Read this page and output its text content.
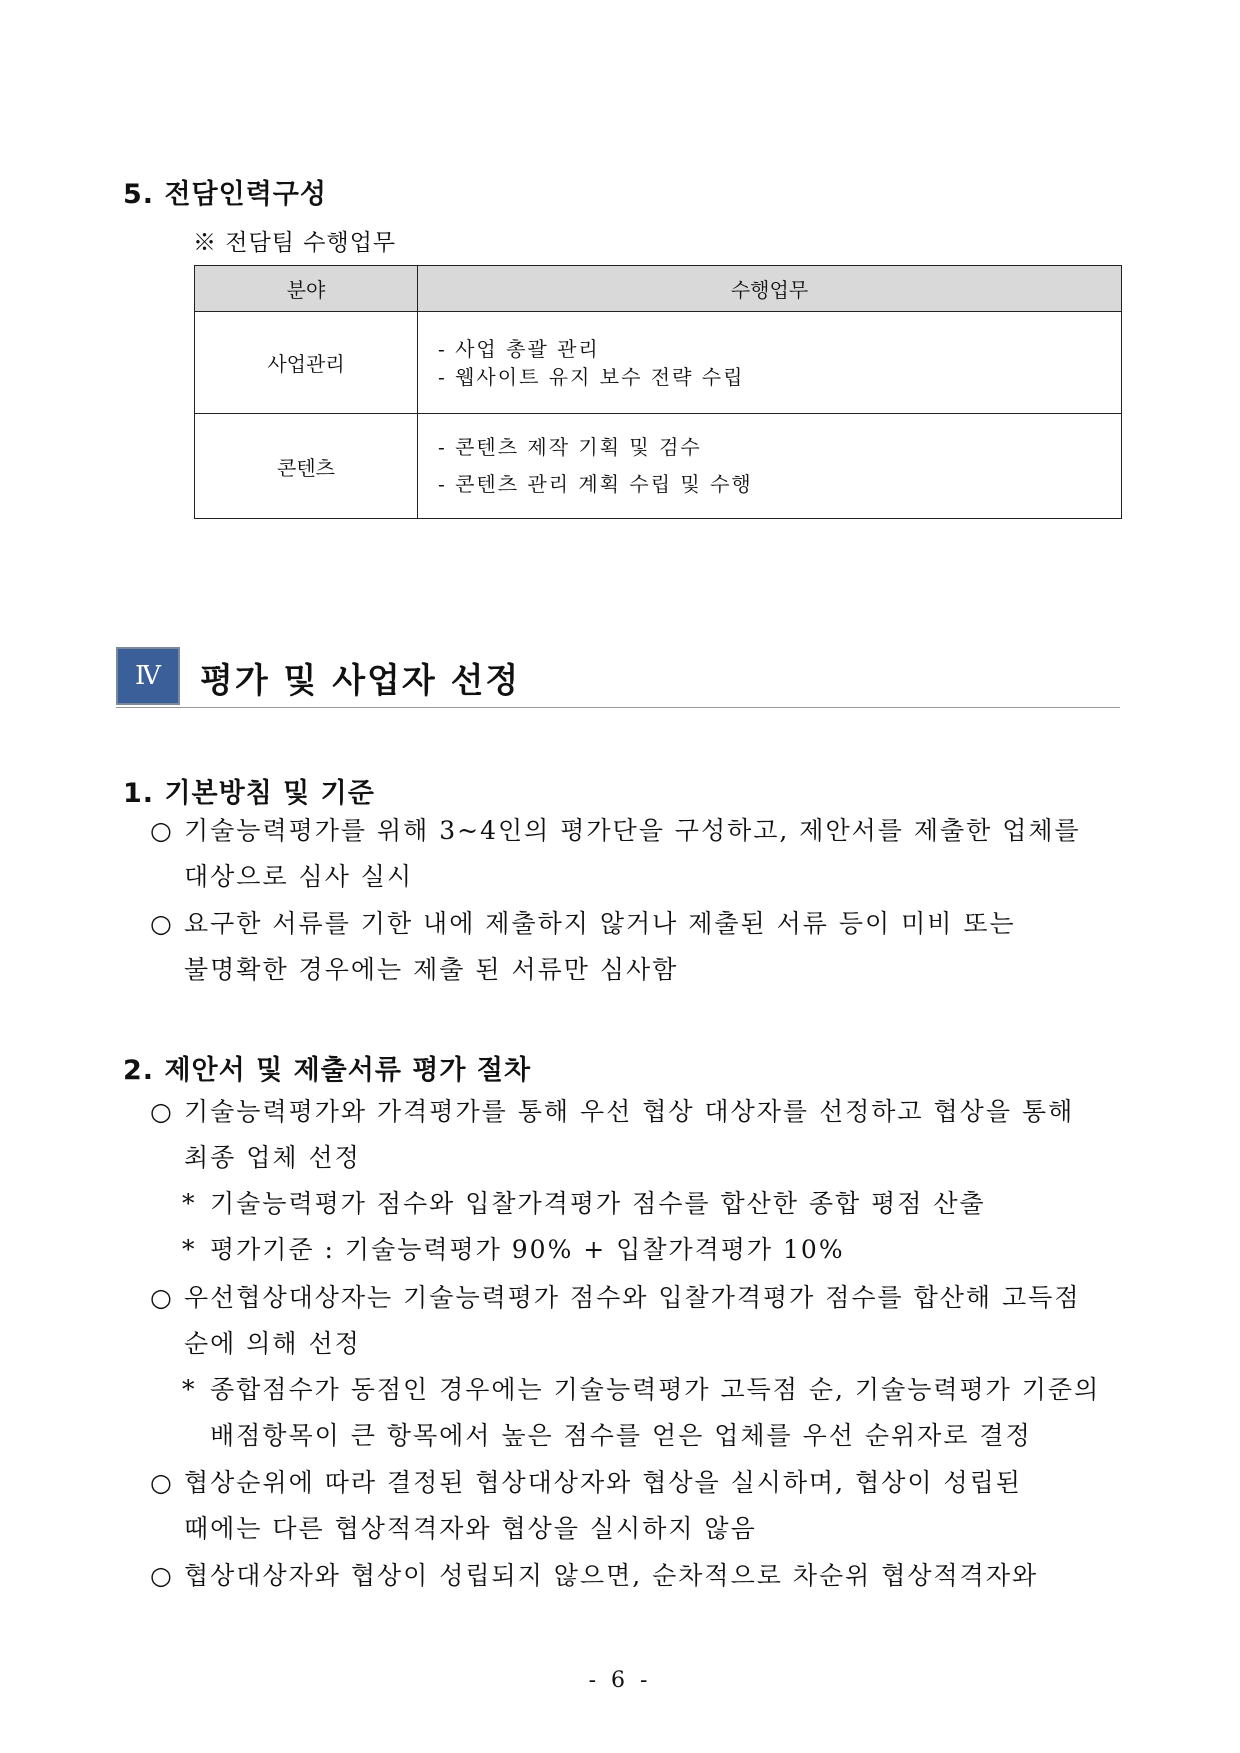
5. 전담인력구성
※ 전담팀 수행업무
분야	수행업무
사업관리	- 사업 총괄 관리
- 웹사이트 유지 보수 전략 수립

콘텐츠	- 콘텐츠 제작 기획 및 검수
- 콘텐츠 관리 계획 수립 및 수행
Ⅳ	평가 및 사업자 선정
1. 기본방침 및 기준
○ 기술능력평가를 위해 3~4인의 평가단을 구성하고, 제안서를 제출한 업체를
대상으로 심사 실시
○ 요구한 서류를 기한 내에 제출하지 않거나 제출된 서류 등이 미비 또는
불명확한 경우에는 제출 된 서류만 심사함
2. 제안서 및 제출서류 평가 절차
○ 기술능력평가와 가격평가를 통해 우선 협상 대상자를 선정하고 협상을 통해
최종 업체 선정
* 기술능력평가 점수와 입찰가격평가 점수를 합산한 종합 평점 산출
* 평가기준 : 기술능력평가 90% + 입찰가격평가 10%
○ 우선협상대상자는 기술능력평가 점수와 입찰가격평가 점수를 합산해 고득점
순에 의해 선정
* 종합점수가 동점인 경우에는 기술능력평가 고득점 순, 기술능력평가 기준의
배점항목이 큰 항목에서 높은 점수를 얻은 업체를 우선 순위자로 결정
○ 협상순위에 따라 결정된 협상대상자와 협상을 실시하며, 협상이 성립된
때에는 다른 협상적격자와 협상을 실시하지 않음
○ 협상대상자와 협상이 성립되지 않으면, 순차적으로 차순위 협상적격자와
- 6 -
